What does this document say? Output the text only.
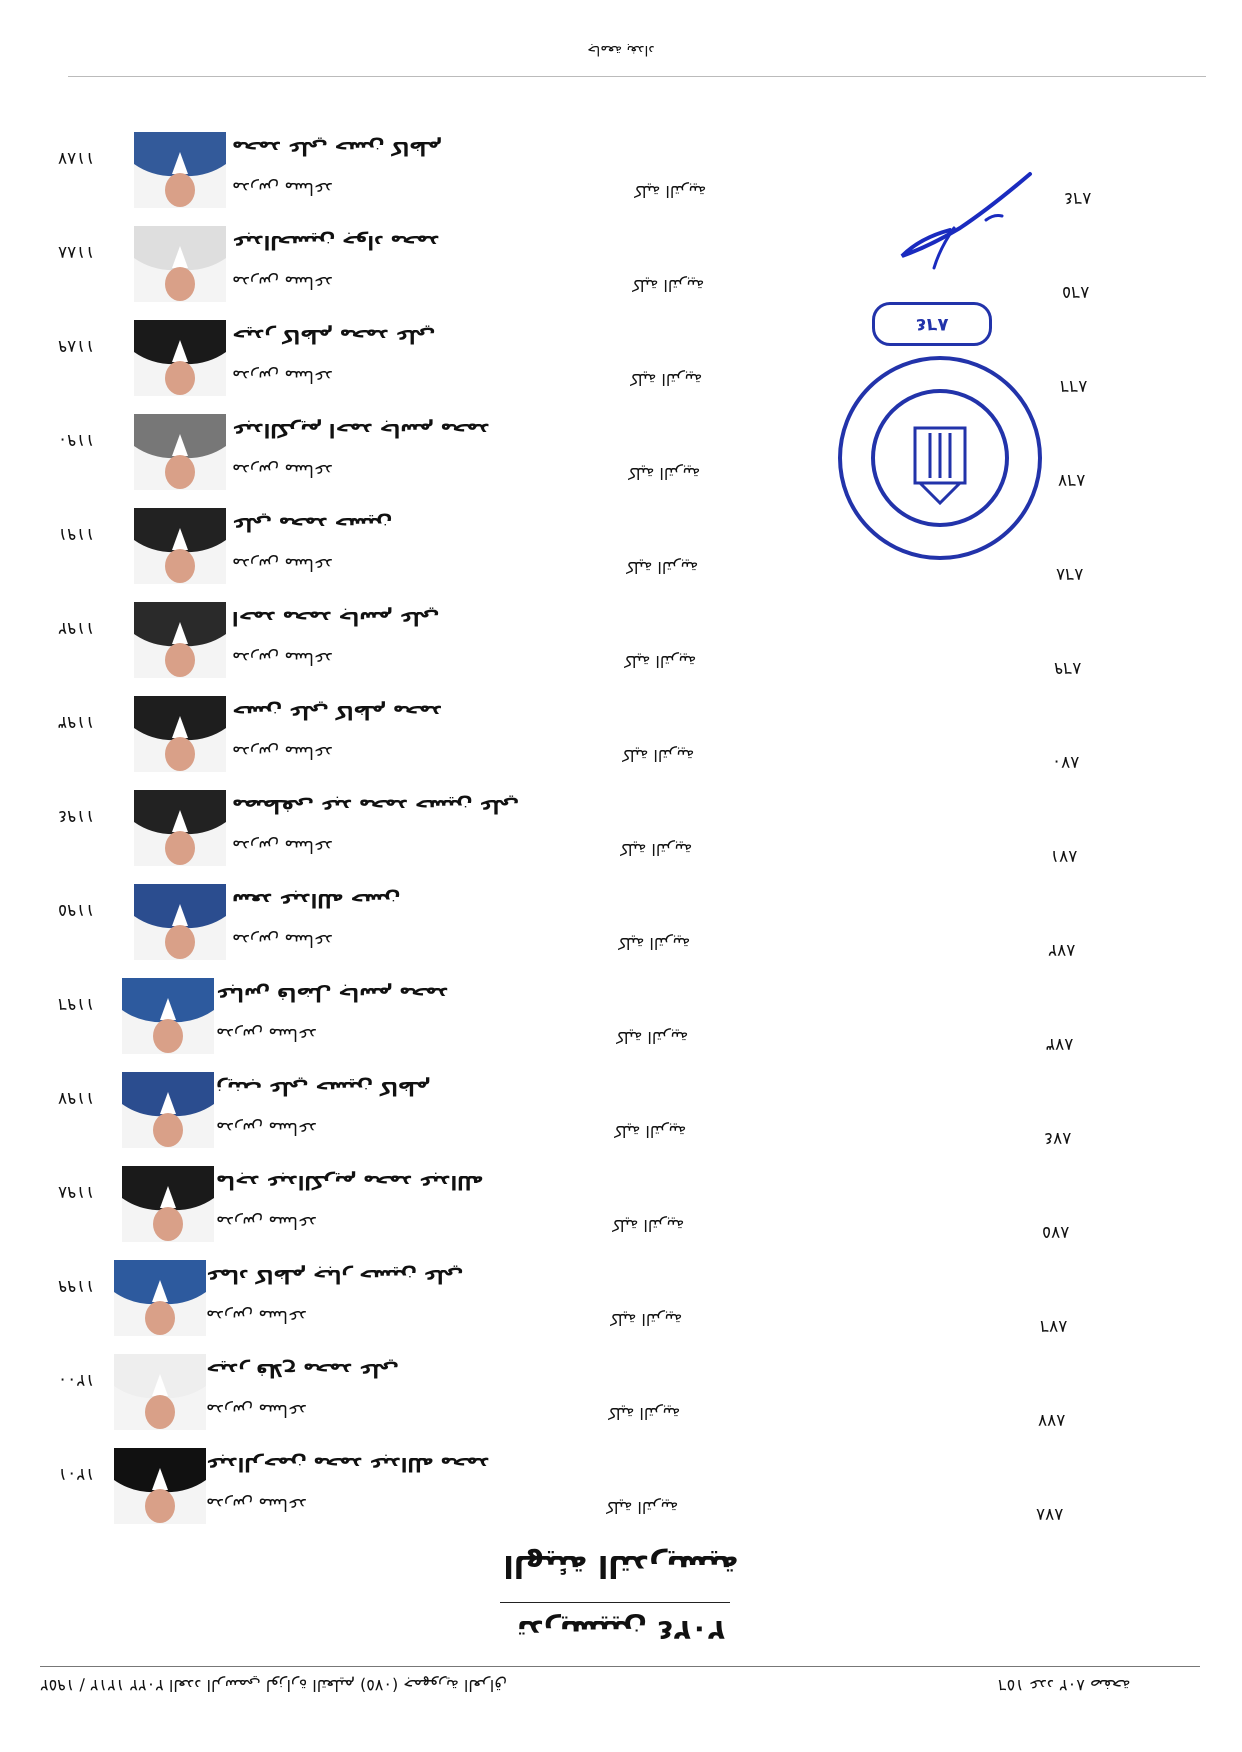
جامعة بغداد
٨٦٤
١١٨٧	محمد علي حسن كاظم
مدرس مساعد	كلية التربية	٨٦٤
١١٨٨	عبدالحسين جواد محمد
مدرس مساعد	كلية التربية	٨٦٥
١١٨٩	حيدر كاظم محمد علي
مدرس مساعد	كلية التربية	٨٦٦
١١٩٠	عبدالكريم احمد جاسم محمد
مدرس مساعد	كلية التربية	٨٦٧
١١٩١	علي محمد حسين
مدرس مساعد	كلية التربية	٨٦٨
١١٩٢	احمد محمد جاسم علي
مدرس مساعد	كلية التربية	٨٦٩
١١٩٣	حسن علي كاظم محمد
مدرس مساعد	كلية التربية	٨٧٠
١١٩٤	مصطفى عبد محمد حسين علي
مدرس مساعد	كلية التربية	٨٧١
١١٩٥	سعد عبدالله حسن
مدرس مساعد	كلية التربية	٨٧٢
١١٩٦	عباس فاضل جاسم محمد
مدرس مساعد	كلية التربية	٨٧٣
١١٩٧	زينب علي حسين كاظم
مدرس مساعد	كلية التربية	٨٧٤
١١٩٨	ماجد عبدالكريم محمد عبدالله
مدرس مساعد	كلية التربية	٨٧٥
١١٩٩	عماد كاظم جبار حسين علي
مدرس مساعد	كلية التربية	٨٧٦
١٢٠٠	حيدر فلاح محمد علي
مدرس مساعد	كلية التربية	٨٧٧
١٢٠١	عبدالرحمن محمد عبدالله محمد
مدرس مساعد	كلية التربية	٨٧٨
الهيئة التدريسية
تدريسيين ٢٠٢٤
١٥٦ عدد ٨٠٢ صفحة
١٩٥٢ / ١٢١٢ ٢٠٢٢ العدد الرسمي لوزارة التعليم (٠٧٥) جمهورية العراق
